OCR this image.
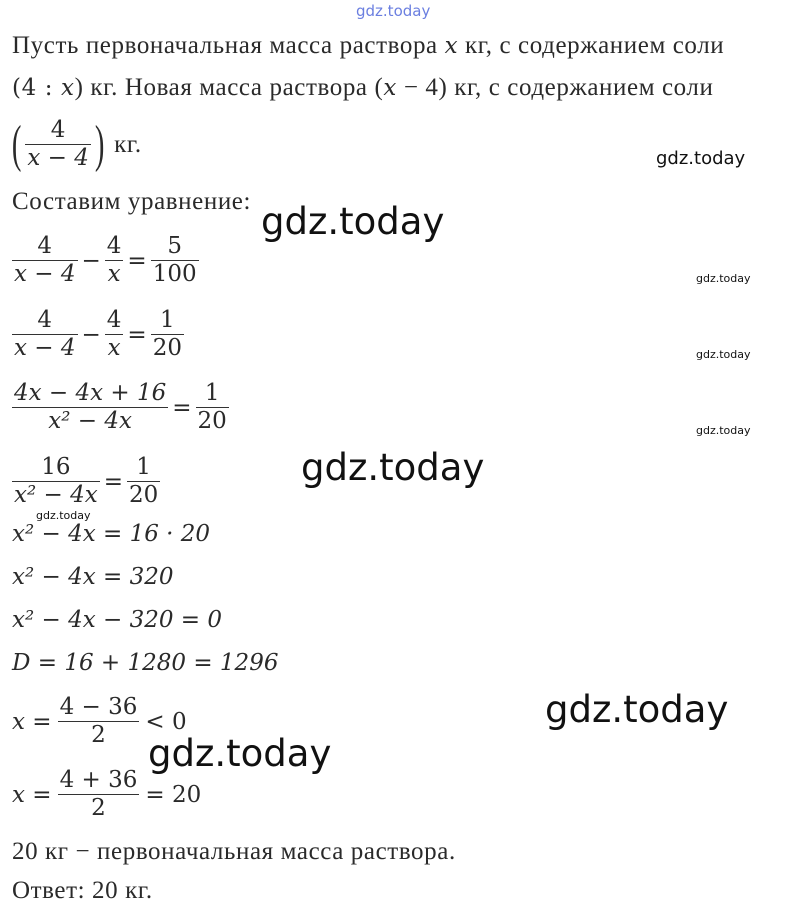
gdz.today
gdz.today
gdz.today
gdz.today
gdz.today
gdz.today
gdz.today
gdz.today
gdz.today
gdz.today
Пусть первоначальная масса раствора x кг, с содержанием соли
(4 : x) кг. Новая масса раствора (x − 4) кг, с содержанием соли
( $\frac{4}{x - 4}$ ) кг.
Составим уравнение:
$\frac{4}{x - 4} - \frac{4}{x} = \frac{5}{100}$
$\frac{4}{x - 4} - \frac{4}{x} = \frac{1}{20}$
$\frac{4x - 4x + 16}{\text{x² − 4x}} = \frac{1}{20}$
$\frac{16}{\text{x² − 4x}} = \frac{1}{20}$
x² − 4x = 16 · 20
x² − 4x = 320
x² − 4x − 320 = 0
D = 16 + 1280 = 1296
$x = \frac{4 - 36}{2} < 0$
$x = \frac{4 + 36}{2} = 20$
20 кг − первоначальная масса раствора.
Ответ: 20 кг.
